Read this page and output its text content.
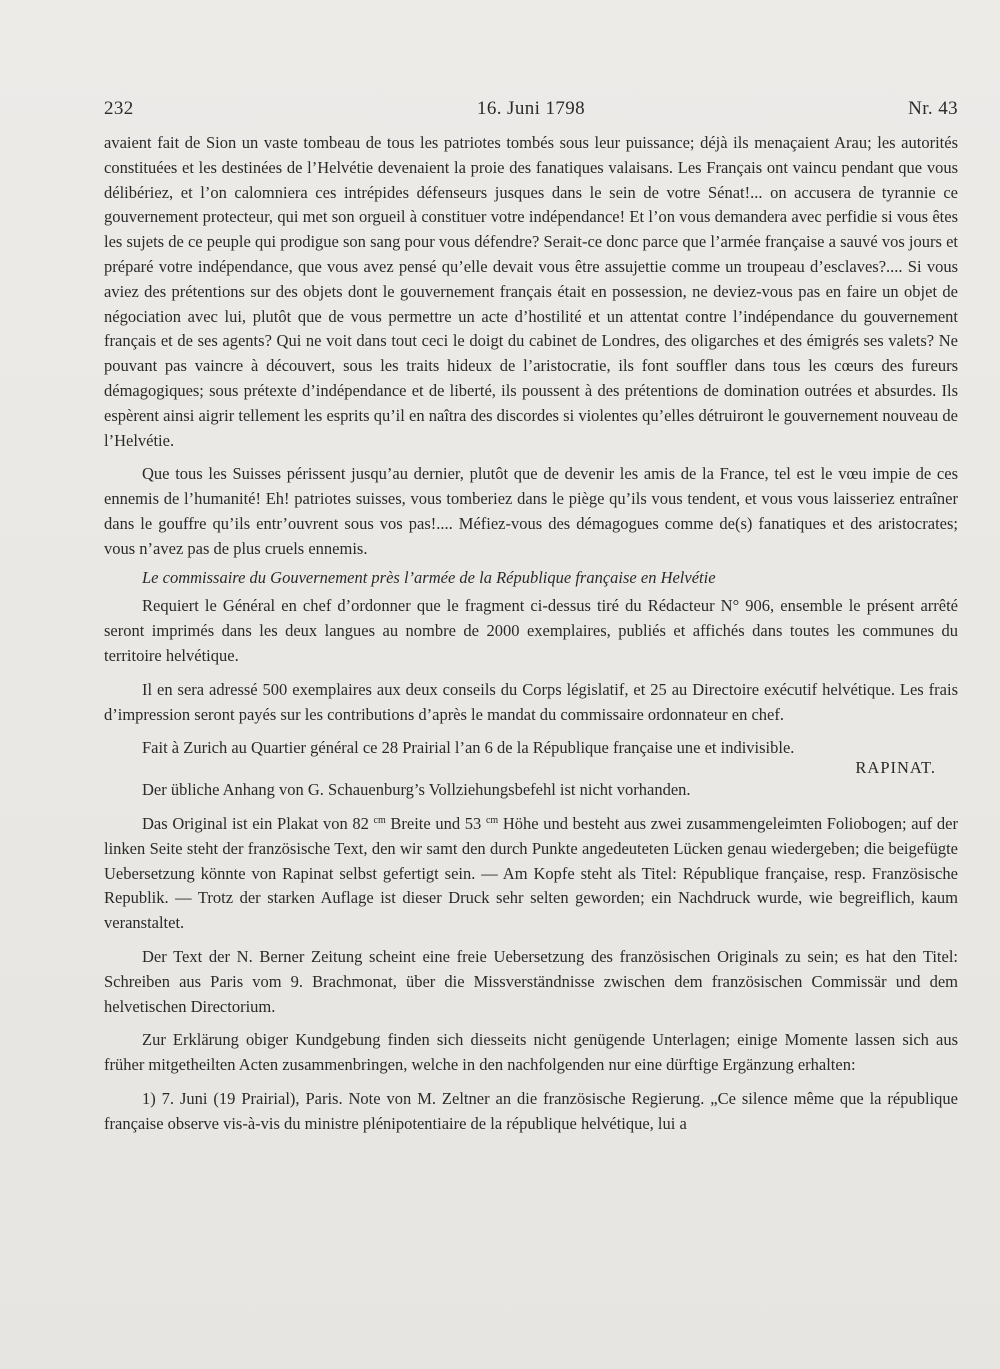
232	16. Juni 1798	Nr. 43

avaient fait de Sion un vaste tombeau de tous les patriotes tombés sous leur puissance; déjà ils menaçaient Arau; les autorités constituées et les destinées de l’Helvétie devenaient la proie des fanatiques valaisans. Les Français ont vaincu pendant que vous délibériez, et l’on calomniera ces intrépides défenseurs jusques dans le sein de votre Sénat!... on accusera de tyrannie ce gouvernement protecteur, qui met son orgueil à constituer votre indépendance! Et l’on vous demandera avec perfidie si vous êtes les sujets de ce peuple qui prodigue son sang pour vous défendre? Serait-ce donc parce que l’armée française a sauvé vos jours et préparé votre indépendance, que vous avez pensé qu’elle devait vous être assujettie comme un troupeau d’esclaves?.... Si vous aviez des prétentions sur des objets dont le gouvernement français était en possession, ne deviez-vous pas en faire un objet de négociation avec lui, plutôt que de vous permettre un acte d’hostilité et un attentat contre l’indépendance du gouvernement français et de ses agents? Qui ne voit dans tout ceci le doigt du cabinet de Londres, des oligarches et des émigrés ses valets? Ne pouvant pas vaincre à découvert, sous les traits hideux de l’aristocratie, ils font souffler dans tous les cœurs des fureurs démagogiques; sous prétexte d’indépendance et de liberté, ils poussent à des prétentions de domination outrées et absurdes. Ils espèrent ainsi aigrir tellement les esprits qu’il en naîtra des discordes si violentes qu’elles détruiront le gouvernement nouveau de l’Helvétie.

Que tous les Suisses périssent jusqu’au dernier, plutôt que de devenir les amis de la France, tel est le vœu impie de ces ennemis de l’humanité! Eh! patriotes suisses, vous tomberiez dans le piège qu’ils vous tendent, et vous vous laisseriez entraîner dans le gouffre qu’ils entr’ouvrent sous vos pas!.... Méfiez-vous des démagogues comme de(s) fanatiques et des aristocrates; vous n’avez pas de plus cruels ennemis.

Le commissaire du Gouvernement près l’armée de la République française en Helvétie

Requiert le Général en chef d’ordonner que le fragment ci-dessus tiré du Rédacteur N° 906, ensemble le présent arrêté seront imprimés dans les deux langues au nombre de 2000 exemplaires, publiés et affichés dans toutes les communes du territoire helvétique.

Il en sera adressé 500 exemplaires aux deux conseils du Corps législatif, et 25 au Directoire exécutif helvétique. Les frais d’impression seront payés sur les contributions d’après le mandat du commissaire ordonnateur en chef.

Fait à Zurich au Quartier général ce 28 Prairial l’an 6 de la République française une et indivisible.

RAPINAT.

Der übliche Anhang von G. Schauenburg’s Vollziehungsbefehl ist nicht vorhanden.

Das Original ist ein Plakat von 82 $^{cm}$ Breite und 53 $^{cm}$ Höhe und besteht aus zwei zusammengeleimten Foliobogen; auf der linken Seite steht der französische Text, den wir samt den durch Punkte angedeuteten Lücken genau wiedergeben; die beigefügte Uebersetzung könnte von Rapinat selbst gefertigt sein. — Am Kopfe steht als Titel: République française, resp. Französische Republik. — Trotz der starken Auflage ist dieser Druck sehr selten geworden; ein Nachdruck wurde, wie begreiflich, kaum veranstaltet.

Der Text der N. Berner Zeitung scheint eine freie Uebersetzung des französischen Originals zu sein; es hat den Titel: Schreiben aus Paris vom 9. Brachmonat, über die Missverständnisse zwischen dem französischen Commissär und dem helvetischen Directorium.

Zur Erklärung obiger Kundgebung finden sich diesseits nicht genügende Unterlagen; einige Momente lassen sich aus früher mitgetheilten Acten zusammenbringen, welche in den nachfolgenden nur eine dürftige Ergänzung erhalten:

1) 7. Juni (19 Prairial), Paris. Note von M. Zeltner an die französische Regierung. „Ce silence même que la république française observe vis-à-vis du ministre plénipotentiaire de la république helvétique, lui a
